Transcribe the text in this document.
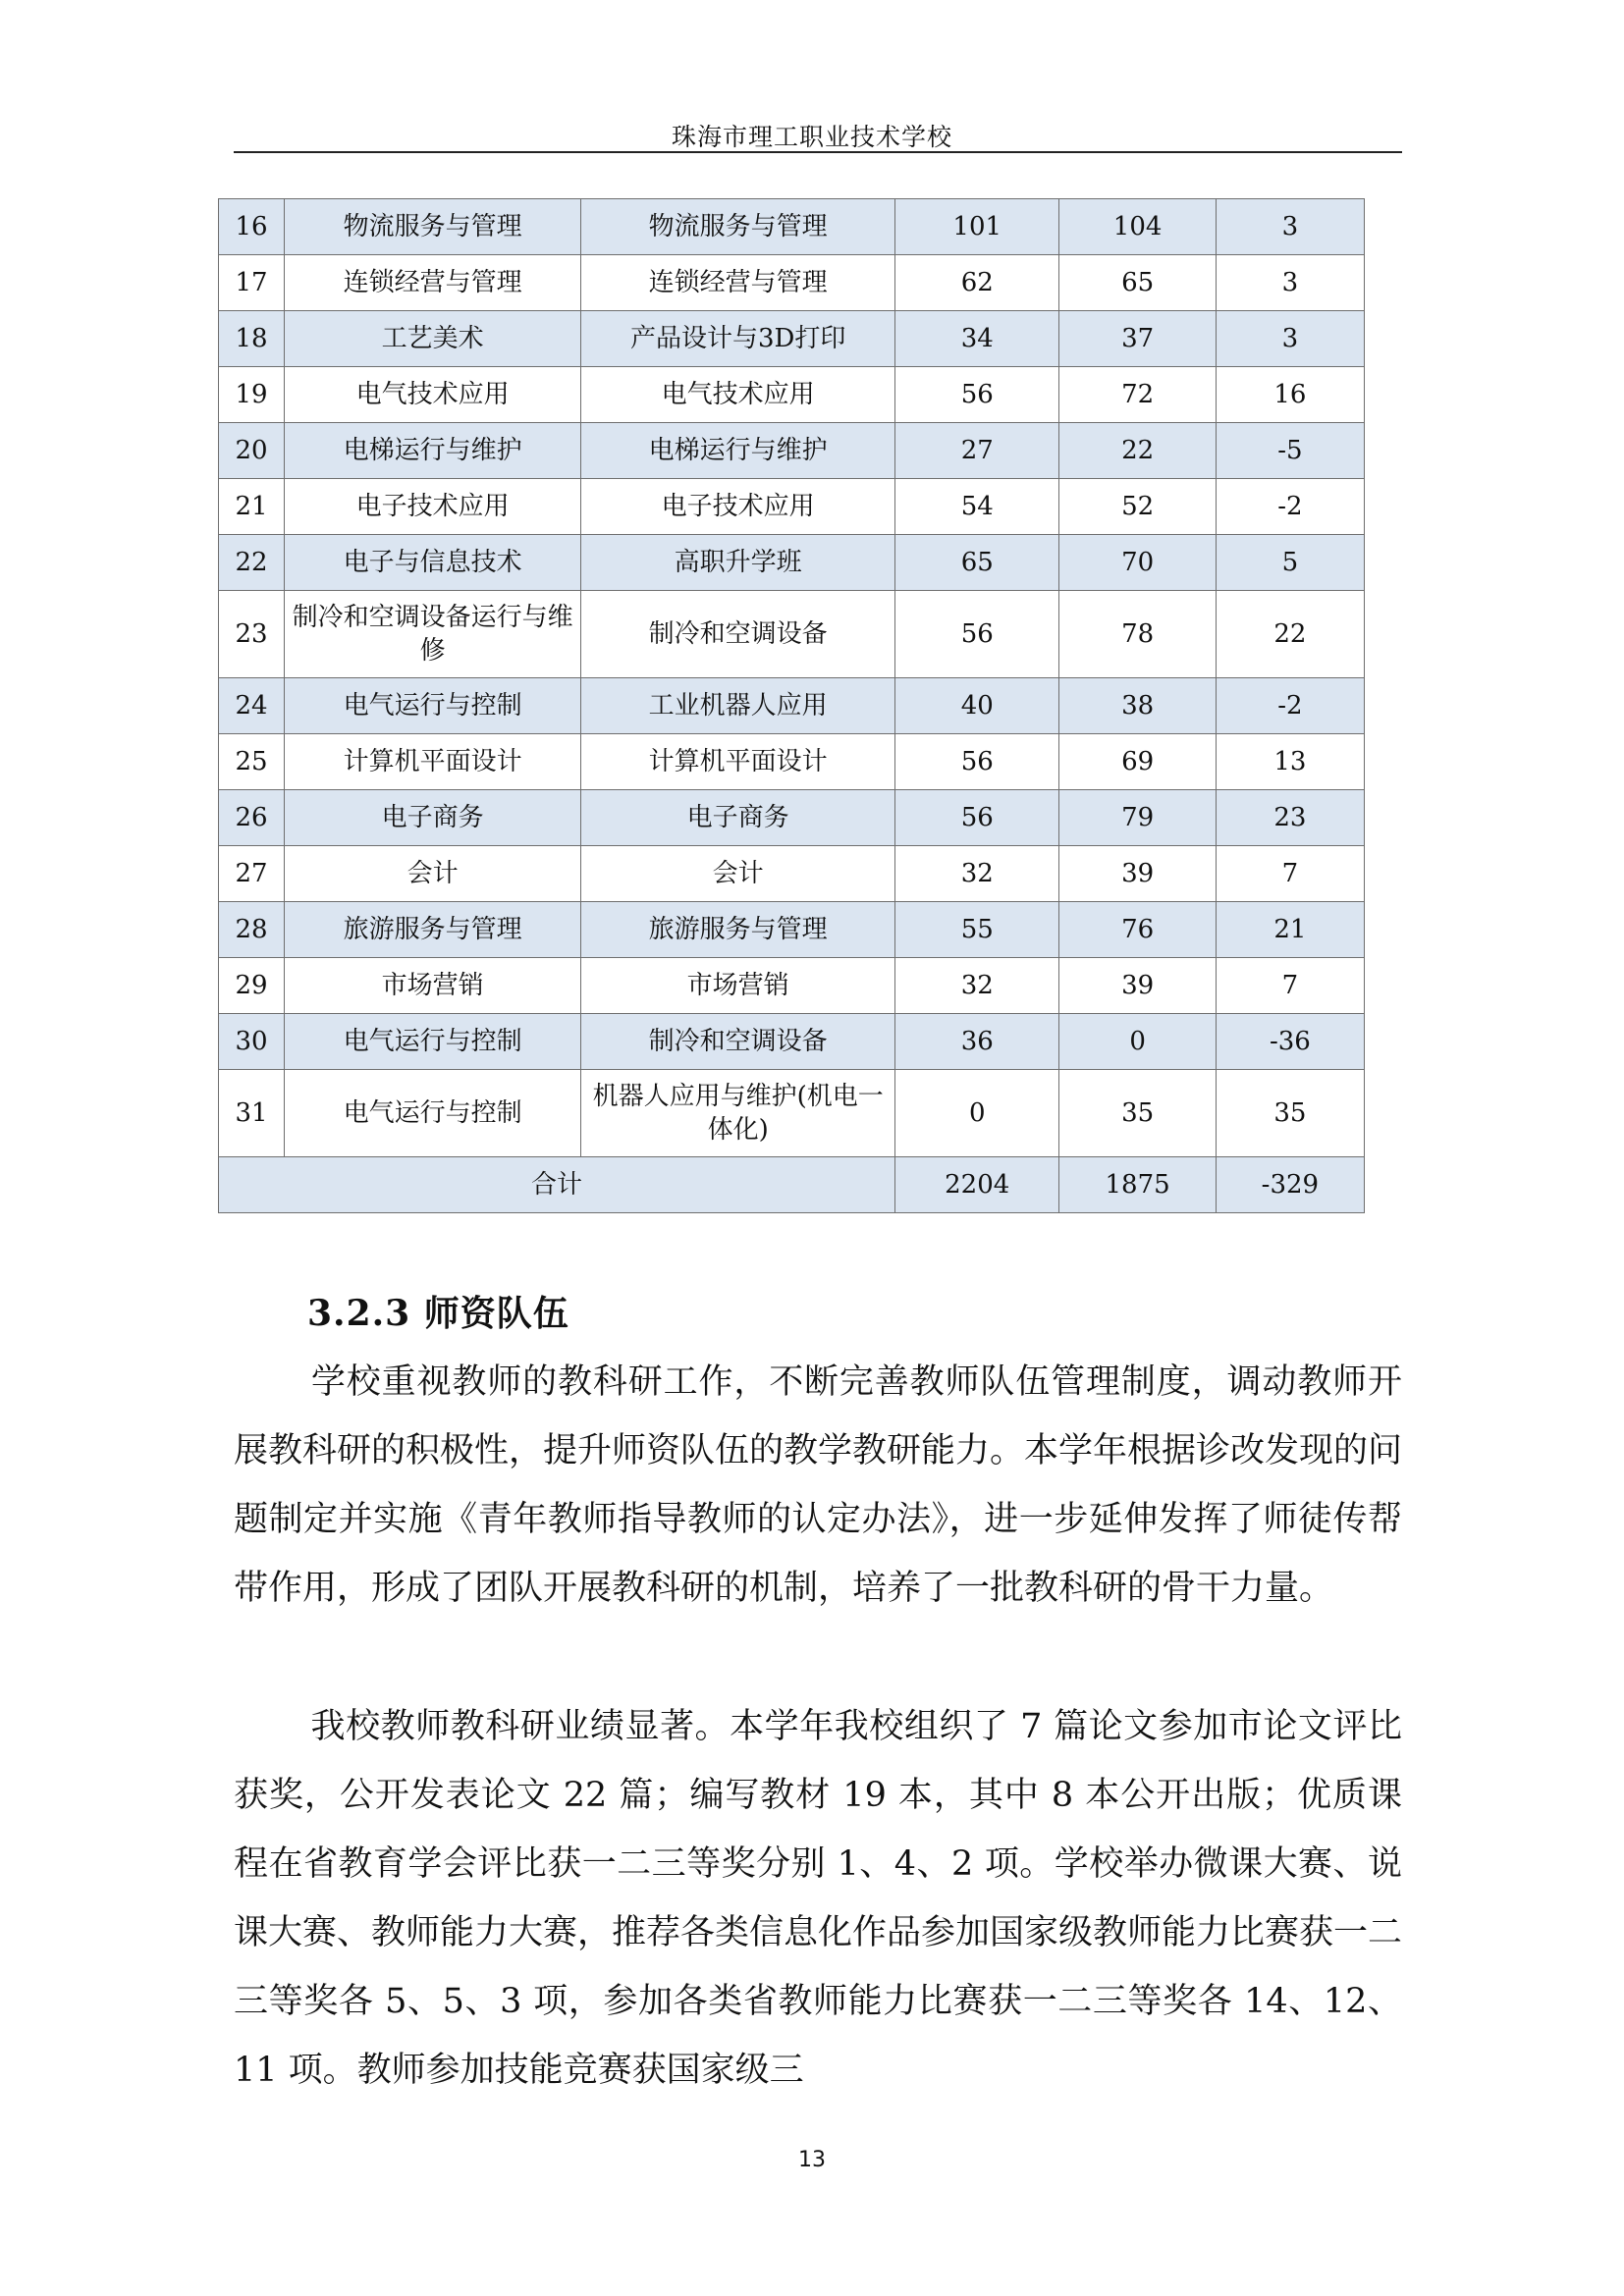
珠海市理工职业技术学校
16	物流服务与管理	物流服务与管理	101	104	3
17	连锁经营与管理	连锁经营与管理	62	65	3
18	工艺美术	产品设计与3D打印	34	37	3
19	电气技术应用	电气技术应用	56	72	16
20	电梯运行与维护	电梯运行与维护	27	22	-5
21	电子技术应用	电子技术应用	54	52	-2
22	电子与信息技术	高职升学班	65	70	5
23	制冷和空调设备运行与维修	制冷和空调设备	56	78	22
24	电气运行与控制	工业机器人应用	40	38	-2
25	计算机平面设计	计算机平面设计	56	69	13
26	电子商务	电子商务	56	79	23
27	会计	会计	32	39	7
28	旅游服务与管理	旅游服务与管理	55	76	21
29	市场营销	市场营销	32	39	7
30	电气运行与控制	制冷和空调设备	36	0	-36
31	电气运行与控制	机器人应用与维护(机电一体化)	0	35	35
合计			2204	1875	-329
3.2.3 师资队伍

学校重视教师的教科研工作，不断完善教师队伍管理制度，调动教师开展教科研的积极性，提升师资队伍的教学教研能力。本学年根据诊改发现的问题制定并实施《青年教师指导教师的认定办法》，进一步延伸发挥了师徒传帮带作用，形成了团队开展教科研的机制，培养了一批教科研的骨干力量。

我校教师教科研业绩显著。本学年我校组织了 7 篇论文参加市论文评比获奖，公开发表论文 22 篇；编写教材 19 本，其中 8 本公开出版；优质课程在省教育学会评比获一二三等奖分别 1、4、2 项。学校举办微课大赛、说课大赛、教师能力大赛，推荐各类信息化作品参加国家级教师能力比赛获一二三等奖各 5、5、3 项，参加各类省教师能力比赛获一二三等奖各 14、12、11 项。教师参加技能竞赛获国家级三

13
